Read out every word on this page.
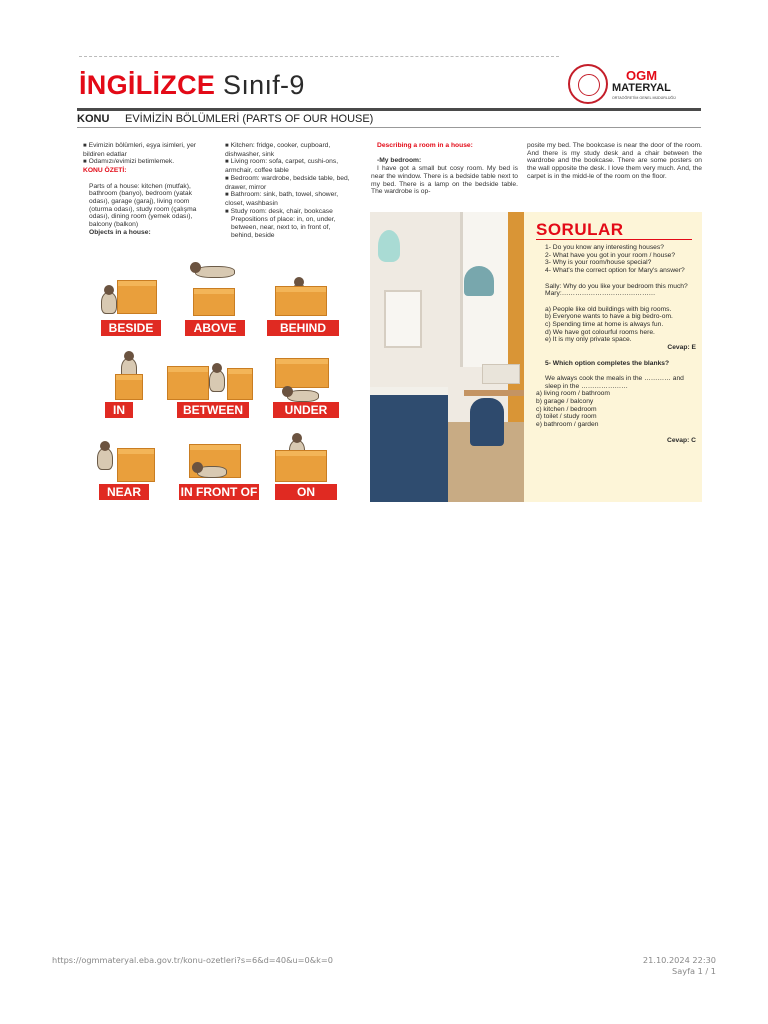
İNGİLİZCE Sınıf-9	OGM
MATERYAL
ORTAÖĞRETİM GENEL MÜDÜRLÜĞÜ
KONU EVİMİZİN BÖLÜMLERİ (PARTS OF OUR HOUSE)

■ Evimizin bölümleri, eşya isimleri, yer bildiren edatlar

■ Odamızı/evimizi betimlemek.

KONU ÖZETİ:

Parts of a house: kitchen (mutfak), bathroom (banyo), bedroom (yatak odası), garage (garaj), living room (oturma odası), study room (çalışma odası), dining room (yemek odası), balcony (balkon)

Objects in a house:

■ Kitchen: fridge, cooker, cupboard, dishwasher, sink

■ Living room: sofa, carpet, cushi-ons, armchair, coffee table

■ Bedroom: wardrobe, bedside table, bed, drawer, mirror

■ Bathroom: sink, bath, towel, shower, closet, washbasin

■ Study room: desk, chair, bookcase

Prepositions of place: in, on, under, between, near, next to, in front of, behind, beside

Describing a room in a house:

-My bedroom:

I have got a small but cosy room. My bed is near the window. There is a bedside table next to my bed. There is a lamp on the bedside table. The wardrobe is op-

posite my bed. The bookcase is near the door of the room. And there is my study desk and a chair between the wardrobe and the bookcase. There are some posters on the wall opposite the desk. I love them very much. And, the carpet is in the midd-le of the room on the floor.

BESIDE	ABOVE	BEHIND
IN	BETWEEN	UNDER
NEAR	IN FRONT OF	ON
SORULAR

1- Do you know any interesting houses?

2- What have you got in your room / house?

3- Why is your room/house special?

4- What's the correct option for Mary's answer?

Sally: Why do you like your bedroom this much?

Mary:……………………………………

a) People like old buildings with big rooms.

b) Everyone wants to have a big bedro-om.

c) Spending time at home is always fun.

d) We have got colourful rooms here.

e) It is my only private space.

Cevap: E

5- Which option completes the blanks?

We always cook the meals in the ………… and sleep in the …………………

a) living room / bathroom

b) garage / balcony

c) kitchen / bedroom

d) toilet / study room

e) bathroom / garden

Cevap: C

https://ogmmateryal.eba.gov.tr/konu-ozetleri?s=6&d=40&u=0&k=0	21.10.2024 22:30
Sayfa 1 / 1
